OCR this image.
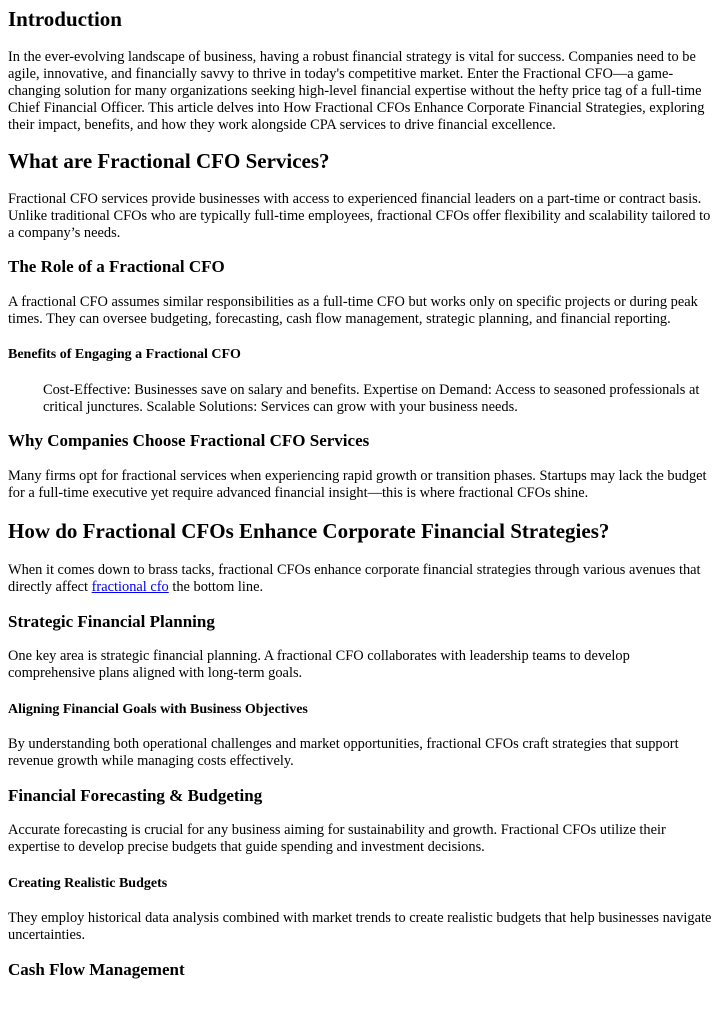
Introduction

In the ever-evolving landscape of business, having a robust financial strategy is vital for success. Companies need to be agile, innovative, and financially savvy to thrive in today's competitive market. Enter the Fractional CFO—a game-changing solution for many organizations seeking high-level financial expertise without the hefty price tag of a full-time Chief Financial Officer. This article delves into How Fractional CFOs Enhance Corporate Financial Strategies, exploring their impact, benefits, and how they work alongside CPA services to drive financial excellence.

What are Fractional CFO Services?

Fractional CFO services provide businesses with access to experienced financial leaders on a part-time or contract basis. Unlike traditional CFOs who are typically full-time employees, fractional CFOs offer flexibility and scalability tailored to a company’s needs.

The Role of a Fractional CFO

A fractional CFO assumes similar responsibilities as a full-time CFO but works only on specific projects or during peak times. They can oversee budgeting, forecasting, cash flow management, strategic planning, and financial reporting.

Benefits of Engaging a Fractional CFO
Cost-Effective: Businesses save on salary and benefits. Expertise on Demand: Access to seasoned professionals at critical junctures. Scalable Solutions: Services can grow with your business needs.
Why Companies Choose Fractional CFO Services

Many firms opt for fractional services when experiencing rapid growth or transition phases. Startups may lack the budget for a full-time executive yet require advanced financial insight—this is where fractional CFOs shine.

How do Fractional CFOs Enhance Corporate Financial Strategies?

When it comes down to brass tacks, fractional CFOs enhance corporate financial strategies through various avenues that directly affect fractional cfo the bottom line.

Strategic Financial Planning

One key area is strategic financial planning. A fractional CFO collaborates with leadership teams to develop comprehensive plans aligned with long-term goals.

Aligning Financial Goals with Business Objectives

By understanding both operational challenges and market opportunities, fractional CFOs craft strategies that support revenue growth while managing costs effectively.

Financial Forecasting & Budgeting

Accurate forecasting is crucial for any business aiming for sustainability and growth. Fractional CFOs utilize their expertise to develop precise budgets that guide spending and investment decisions.

Creating Realistic Budgets

They employ historical data analysis combined with market trends to create realistic budgets that help businesses navigate uncertainties.

Cash Flow Management
